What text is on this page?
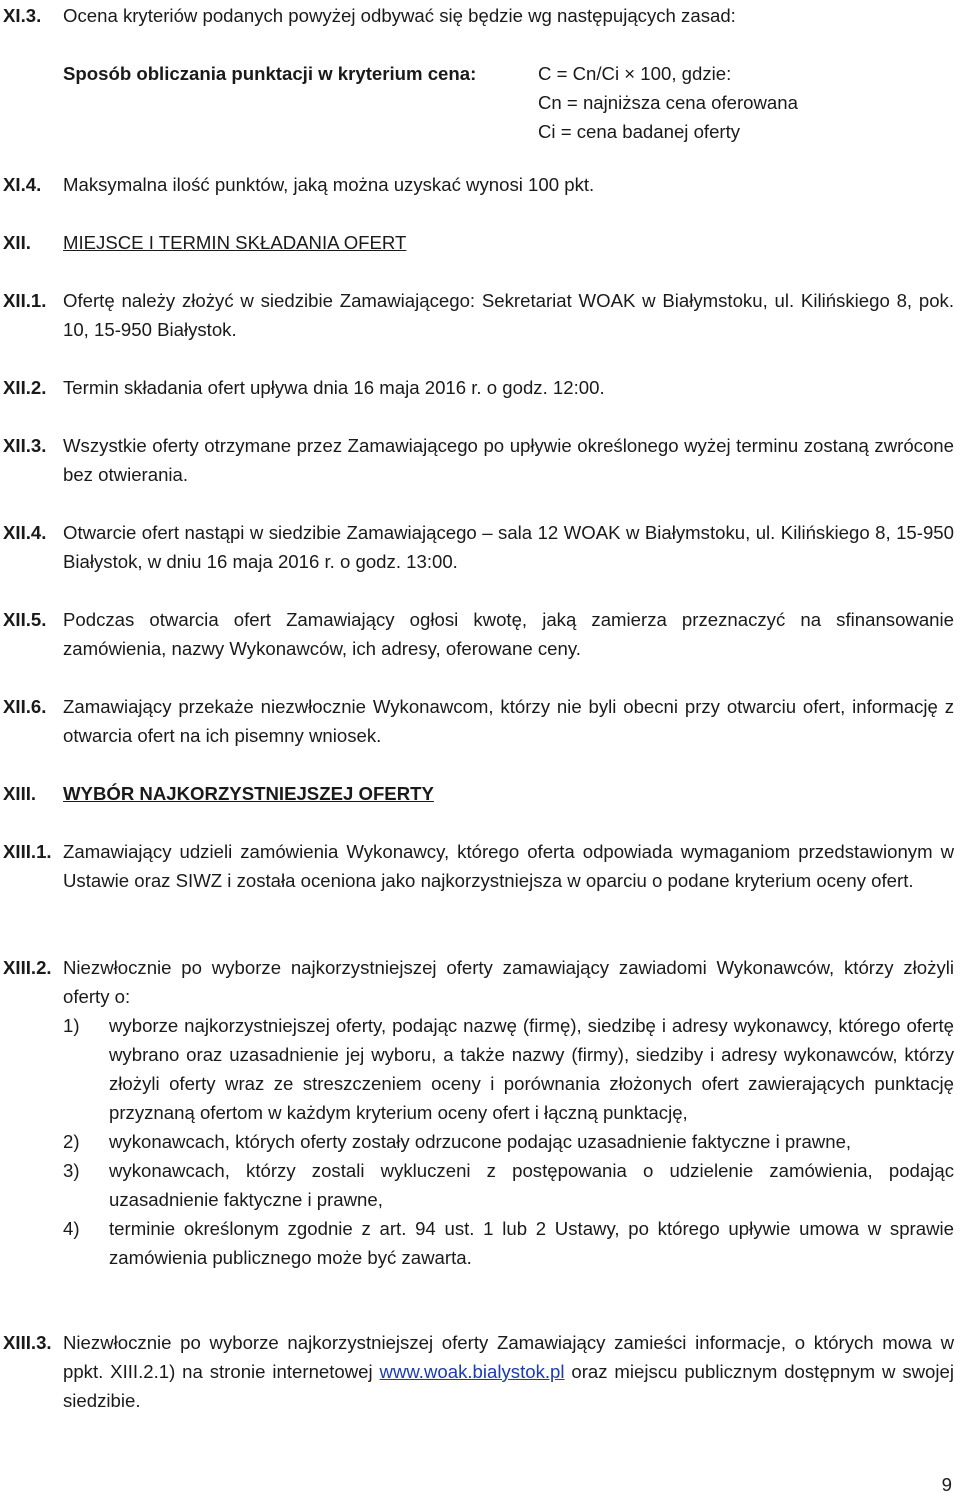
XI.3. Ocena kryteriów podanych powyżej odbywać się będzie wg następujących zasad:
Sposób obliczania punktacji w kryterium cena:	C = Cn/Ci × 100, gdzie:
Cn = najniższa cena oferowana
Ci = cena badanej oferty
XI.4. Maksymalna ilość punktów, jaką można uzyskać wynosi 100 pkt.
XII. MIEJSCE I TERMIN SKŁADANIA OFERT
XII.1. Ofertę należy złożyć w siedzibie Zamawiającego: Sekretariat WOAK w Białymstoku, ul. Kilińskiego 8, pok. 10, 15-950 Białystok.
XII.2. Termin składania ofert upływa dnia 16 maja 2016 r. o godz. 12:00.
XII.3. Wszystkie oferty otrzymane przez Zamawiającego po upływie określonego wyżej terminu zostaną zwrócone bez otwierania.
XII.4. Otwarcie ofert nastąpi w siedzibie Zamawiającego – sala 12 WOAK w Białymstoku, ul. Kilińskiego 8, 15-950 Białystok, w dniu 16 maja 2016 r. o godz. 13:00.
XII.5. Podczas otwarcia ofert Zamawiający ogłosi kwotę, jaką zamierza przeznaczyć na sfinansowanie zamówienia, nazwy Wykonawców, ich adresy, oferowane ceny.
XII.6. Zamawiający przekaże niezwłocznie Wykonawcom, którzy nie byli obecni przy otwarciu ofert, informację z otwarcia ofert na ich pisemny wniosek.
XIII. WYBÓR NAJKORZYSTNIEJSZEJ OFERTY
XIII.1. Zamawiający udzieli zamówienia Wykonawcy, którego oferta odpowiada wymaganiom przedstawionym w Ustawie oraz SIWZ i została oceniona jako najkorzystniejsza w oparciu o podane kryterium oceny ofert.
XIII.2. Niezwłocznie po wyborze najkorzystniejszej oferty zamawiający zawiadomi Wykonawców, którzy złożyli oferty o:
1) wyborze najkorzystniejszej oferty, podając nazwę (firmę), siedzibę i adresy wykonawcy, którego ofertę wybrano oraz uzasadnienie jej wyboru, a także nazwy (firmy), siedziby i adresy wykonawców, którzy złożyli oferty wraz ze streszczeniem oceny i porównania złożonych ofert zawierających punktację przyznaną ofertom w każdym kryterium oceny ofert i łączną punktację,
2) wykonawcach, których oferty zostały odrzucone podając uzasadnienie faktyczne i prawne,
3) wykonawcach, którzy zostali wykluczeni z postępowania o udzielenie zamówienia, podając uzasadnienie faktyczne i prawne,
4) terminie określonym zgodnie z art. 94 ust. 1 lub 2 Ustawy, po którego upływie umowa w sprawie zamówienia publicznego może być zawarta.
XIII.3. Niezwłocznie po wyborze najkorzystniejszej oferty Zamawiający zamieści informacje, o których mowa w ppkt. XIII.2.1) na stronie internetowej www.woak.bialystok.pl oraz miejscu publicznym dostępnym w swojej siedzibie.
9
